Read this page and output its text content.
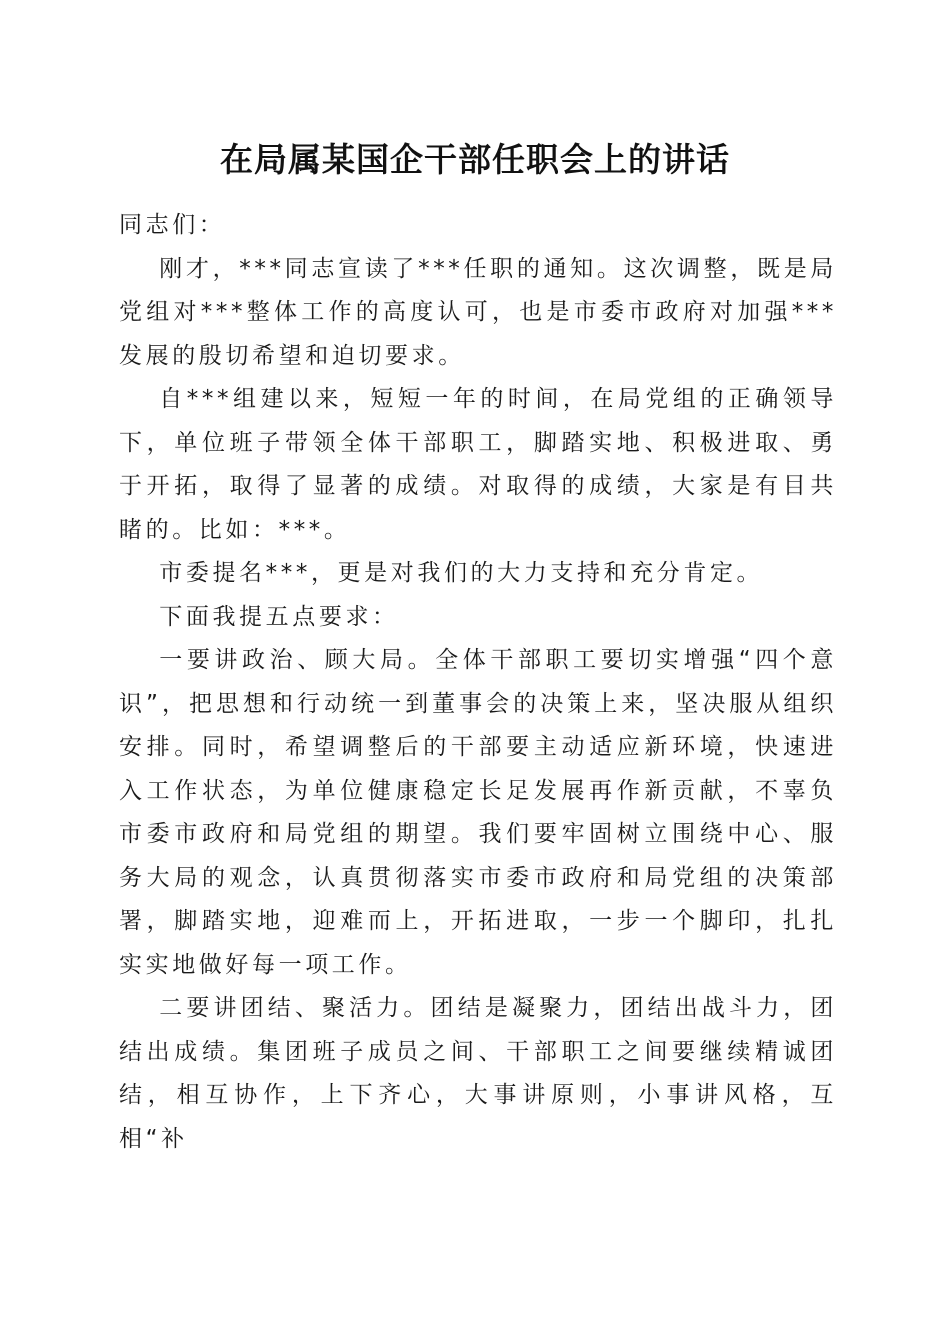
在局属某国企干部任职会上的讲话

同志们：

刚才，***同志宣读了***任职的通知。这次调整，既是局党组对***整体工作的高度认可，也是市委市政府对加强***发展的殷切希望和迫切要求。

自***组建以来，短短一年的时间，在局党组的正确领导下，单位班子带领全体干部职工，脚踏实地、积极进取、勇于开拓，取得了显著的成绩。对取得的成绩，大家是有目共睹的。比如：***。

市委提名***，更是对我们的大力支持和充分肯定。

下面我提五点要求：

一要讲政治、顾大局。全体干部职工要切实增强“四个意识”，把思想和行动统一到董事会的决策上来，坚决服从组织安排。同时，希望调整后的干部要主动适应新环境，快速进入工作状态，为单位健康稳定长足发展再作新贡献，不辜负市委市政府和局党组的期望。我们要牢固树立围绕中心、服务大局的观念，认真贯彻落实市委市政府和局党组的决策部署，脚踏实地，迎难而上，开拓进取，一步一个脚印，扎扎实实地做好每一项工作。

二要讲团结、聚活力。团结是凝聚力，团结出战斗力，团结出成绩。集团班子成员之间、干部职工之间要继续精诚团结，相互协作，上下齐心，大事讲原则，小事讲风格，互相“补
